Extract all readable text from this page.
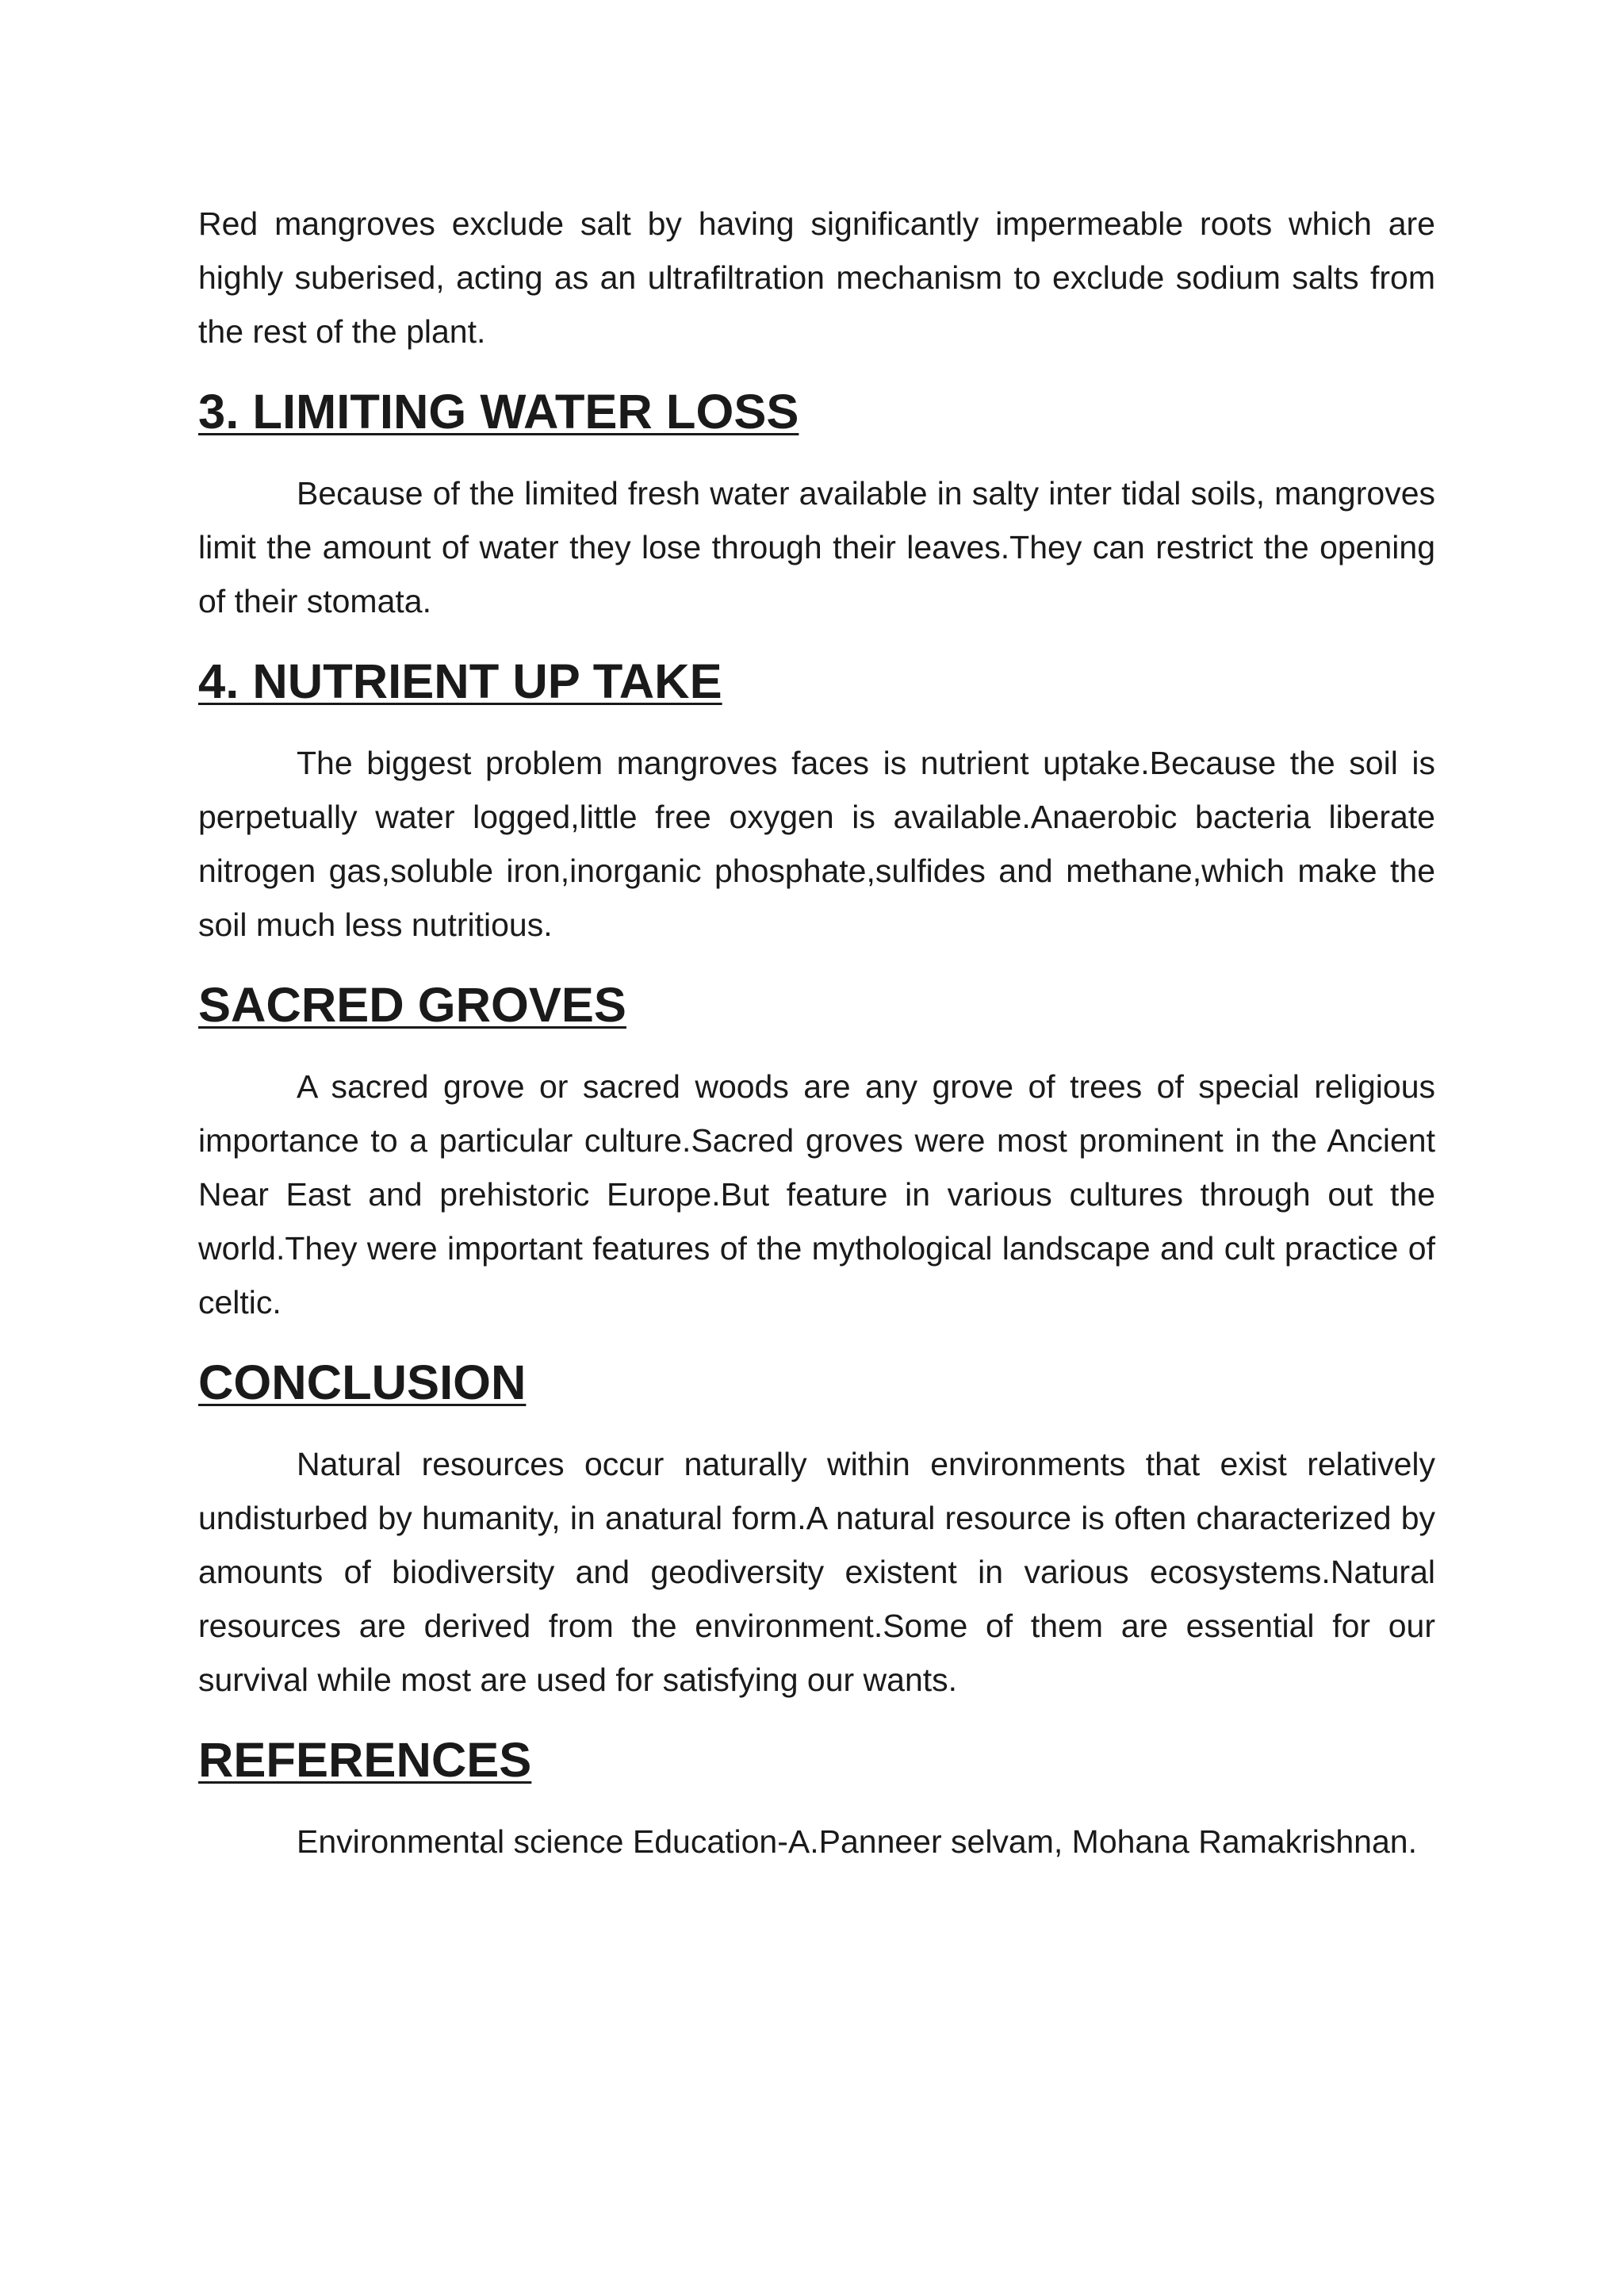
Red mangroves exclude salt by having significantly impermeable roots which are highly suberised, acting as an ultrafiltration mechanism to exclude sodium salts from the rest of the plant.

3. LIMITING WATER LOSS

Because of the limited fresh water available in salty inter tidal soils, mangroves limit the amount of water they lose through their leaves.They can restrict the opening of their stomata.

4. NUTRIENT UP TAKE

The biggest problem mangroves faces is nutrient uptake.Because the soil is perpetually water logged,little free oxygen is available.Anaerobic bacteria liberate nitrogen gas,soluble iron,inorganic phosphate,sulfides and methane,which make the soil much less nutritious.

SACRED GROVES

A sacred grove or sacred woods are any grove of trees of special religious importance to a particular culture.Sacred groves were most prominent in the Ancient Near East and prehistoric Europe.But feature in various cultures through out the world.They were important features of the mythological landscape and cult practice of celtic.

CONCLUSION

Natural resources occur naturally within environments that exist relatively undisturbed by humanity, in anatural form.A natural resource is often characterized by amounts of biodiversity and geodiversity existent in various ecosystems.Natural resources are derived from the environment.Some of them are essential for our survival while most are used for satisfying our wants.

REFERENCES

Environmental science Education-A.Panneer selvam, Mohana Ramakrishnan.
